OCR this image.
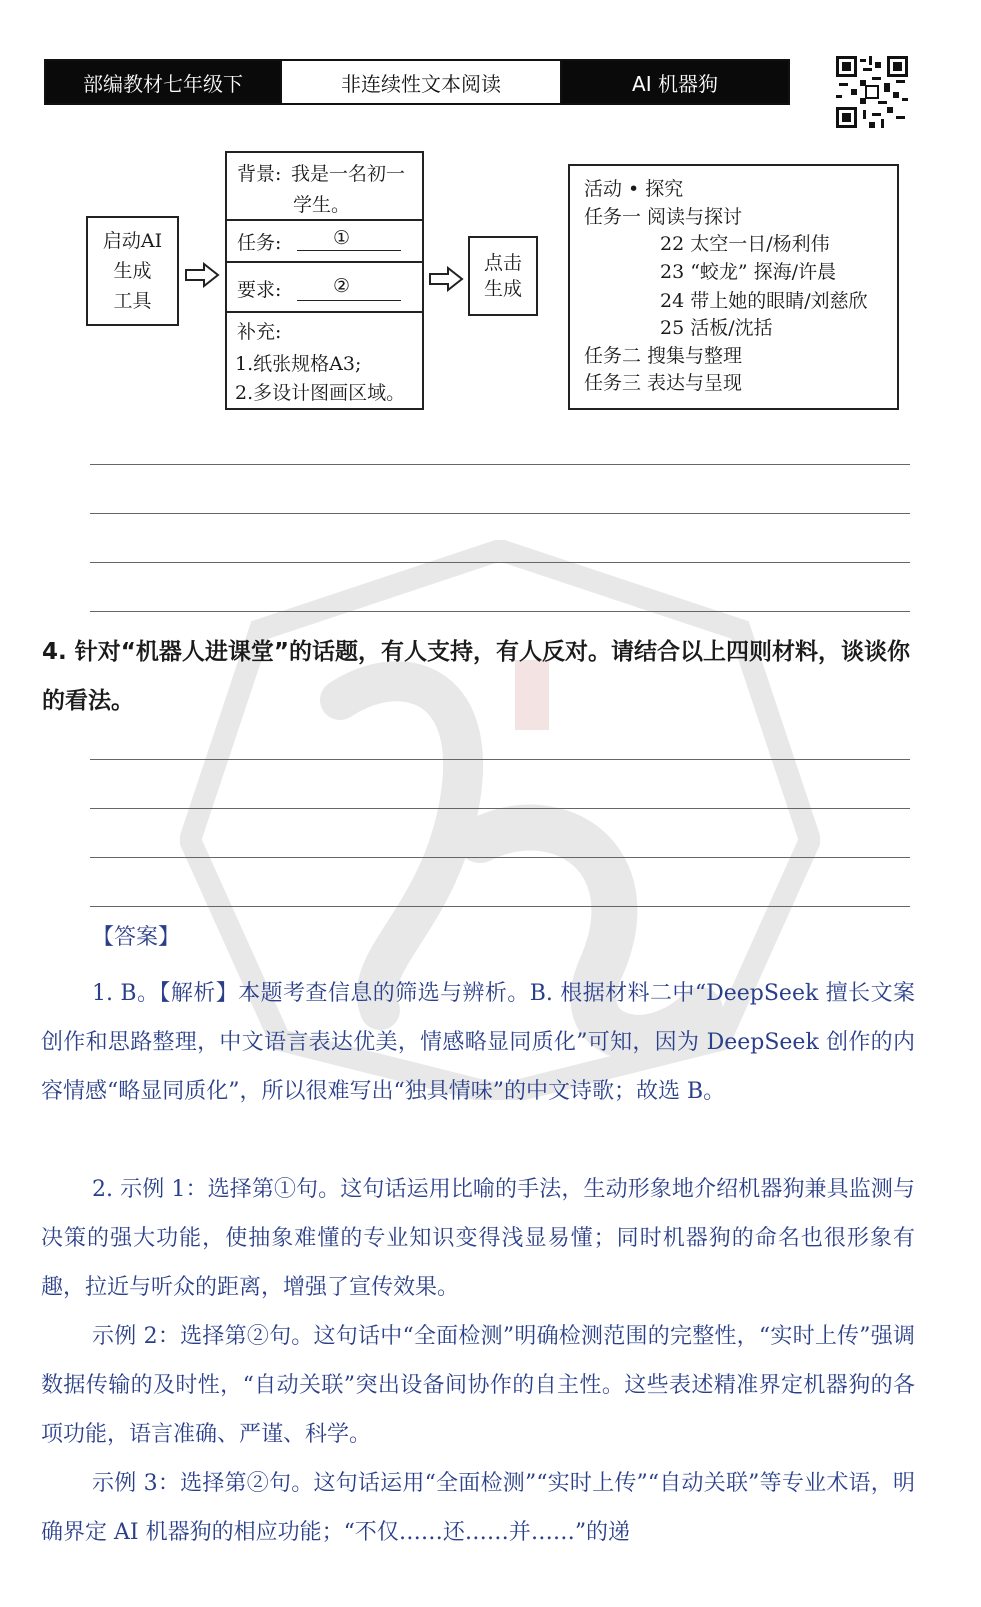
部编教材七年级下	非连续性文本阅读	AI 机器狗
启动AI
生成
工具
背景: 我是一名初一
学生。
任务:	①
要求:	②
补充:
1.纸张规格A3;
2.多设计图画区域。
点击
生成
活动 • 探究
任务一 阅读与探讨
22 太空一日/杨利伟
23 “蛟龙” 探海/许晨
24 带上她的眼睛/刘慈欣
25 活板/沈括
任务二 搜集与整理
任务三 表达与呈现
4. 针对“机器人进课堂”的话题，有人支持，有人反对。请结合以上四则材料，谈谈你的看法。
【答案】
1. B。【解析】本题考查信息的筛选与辨析。B. 根据材料二中“DeepSeek 擅长文案创作和思路整理，中文语言表达优美，情感略显同质化”可知，因为 DeepSeek 创作的内容情感“略显同质化”，所以很难写出“独具情味”的中文诗歌；故选 B。
2. 示例 1：选择第①句。这句话运用比喻的手法，生动形象地介绍机器狗兼具监测与决策的强大功能，使抽象难懂的专业知识变得浅显易懂；同时机器狗的命名也很形象有趣，拉近与听众的距离，增强了宣传效果。
示例 2：选择第②句。这句话中“全面检测”明确检测范围的完整性，“实时上传”强调数据传输的及时性，“自动关联”突出设备间协作的自主性。这些表述精准界定机器狗的各项功能，语言准确、严谨、科学。
示例 3：选择第②句。这句话运用“全面检测”“实时上传”“自动关联”等专业术语，明确界定 AI 机器狗的相应功能；“不仅……还……并……”的递
